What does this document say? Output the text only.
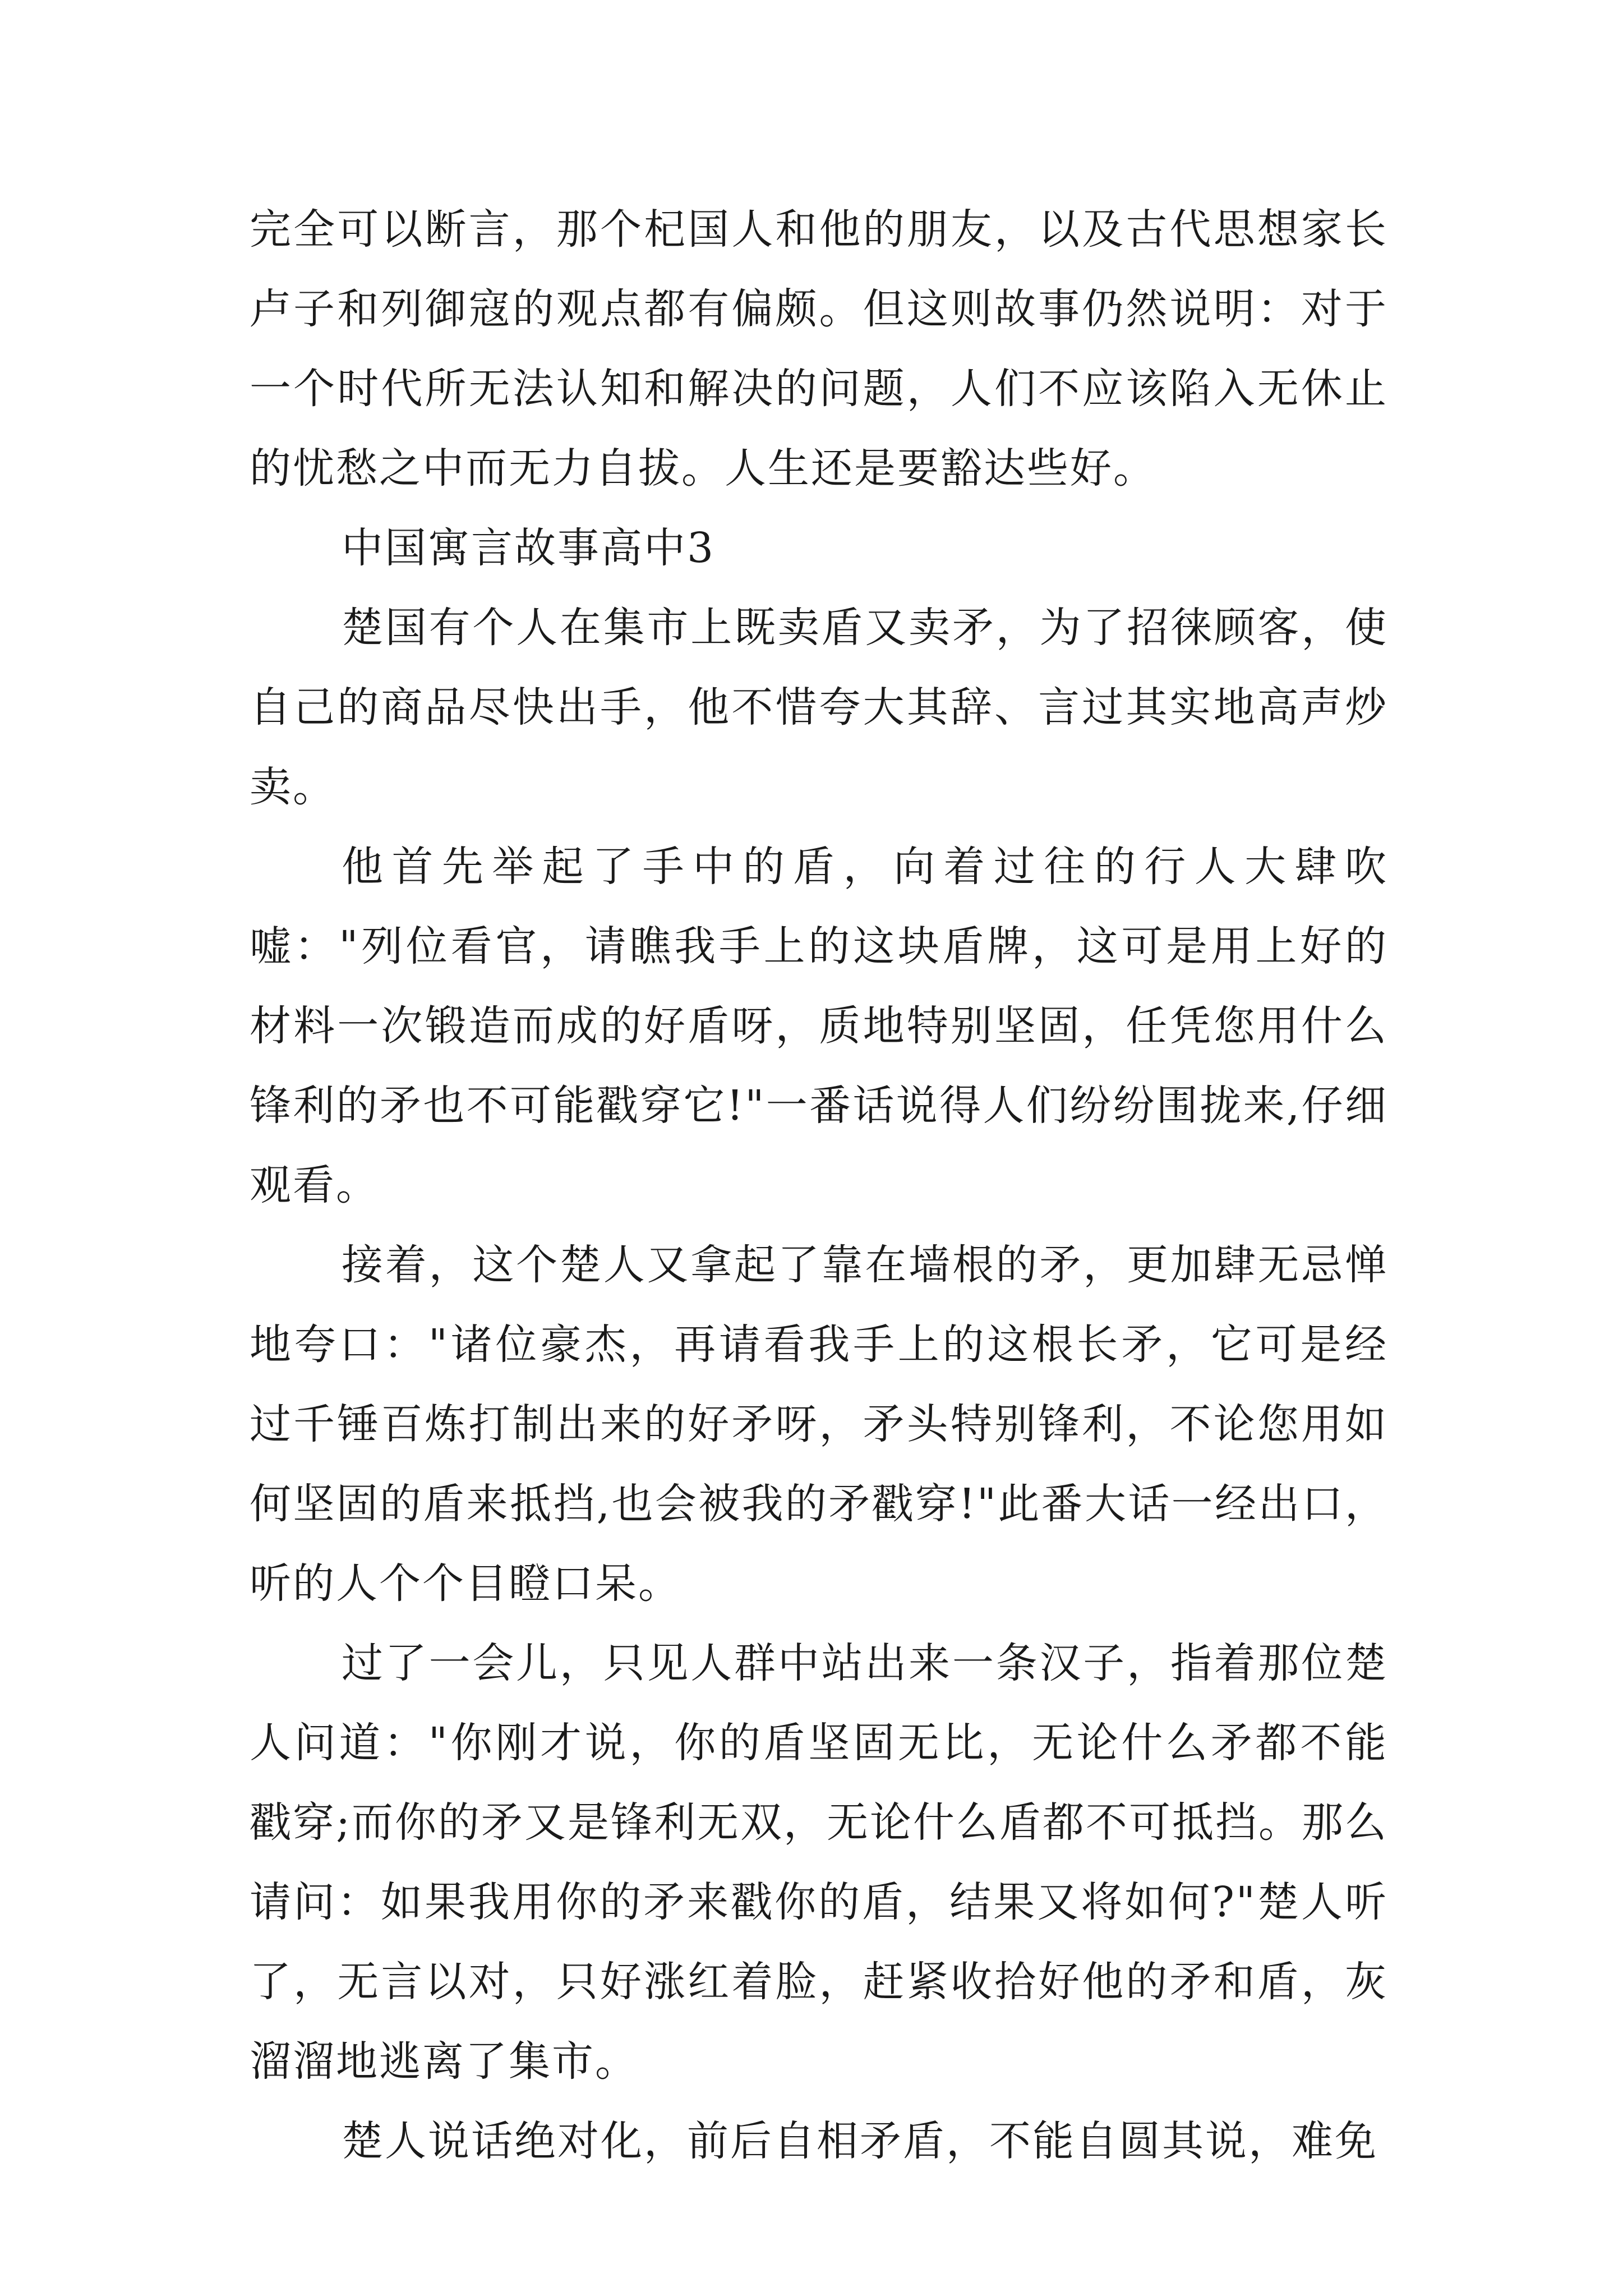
完全可以断言，那个杞国人和他的朋友，以及古代思想家长卢子和列御寇的观点都有偏颇。但这则故事仍然说明：对于一个时代所无法认知和解决的问题，人们不应该陷入无休止的忧愁之中而无力自拔。人生还是要豁达些好。

中国寓言故事高中3

楚国有个人在集市上既卖盾又卖矛，为了招徕顾客，使自己的商品尽快出手，他不惜夸大其辞、言过其实地高声炒卖。

他首先举起了手中的盾，向着过往的行人大肆吹嘘："列位看官，请瞧我手上的这块盾牌，这可是用上好的材料一次锻造而成的好盾呀，质地特别坚固，任凭您用什么锋利的矛也不可能戳穿它!"一番话说得人们纷纷围拢来,仔细观看。

接着，这个楚人又拿起了靠在墙根的矛，更加肆无忌惮地夸口："诸位豪杰，再请看我手上的这根长矛，它可是经过千锤百炼打制出来的好矛呀，矛头特别锋利，不论您用如何坚固的盾来抵挡,也会被我的矛戳穿!"此番大话一经出口，听的人个个目瞪口呆。

过了一会儿，只见人群中站出来一条汉子，指着那位楚人问道："你刚才说，你的盾坚固无比，无论什么矛都不能戳穿;而你的矛又是锋利无双，无论什么盾都不可抵挡。那么请问：如果我用你的矛来戳你的盾，结果又将如何?"楚人听了，无言以对，只好涨红着脸，赶紧收拾好他的矛和盾，灰溜溜地逃离了集市。

楚人说话绝对化，前后自相矛盾，不能自圆其说，难免
